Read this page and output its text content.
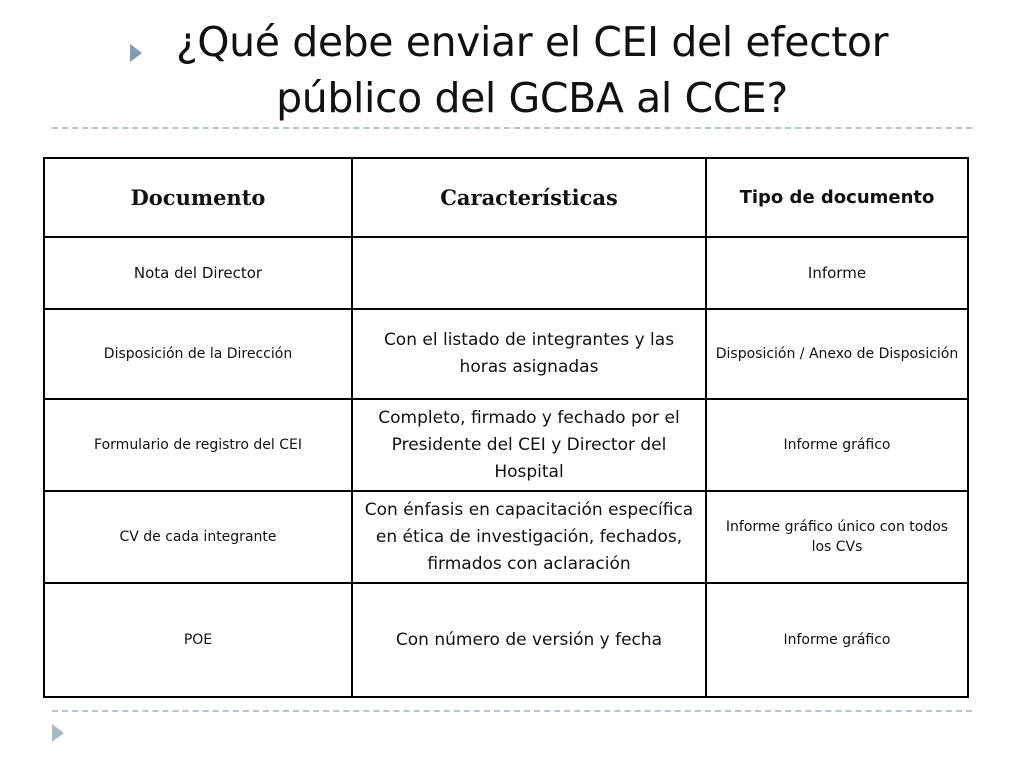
¿Qué debe enviar el CEI del efector público del GCBA al CCE?
Documento	Características	Tipo de documento
Nota del Director		Informe
Disposición de la Dirección	Con el listado de integrantes y las horas asignadas	Disposición / Anexo de Disposición
Formulario de registro del CEI	Completo, firmado y fechado por el Presidente del CEI y Director del Hospital	Informe gráfico
CV de cada integrante	Con énfasis en capacitación específica en ética de investigación, fechados, firmados con aclaración	Informe gráfico único con todos los CVs
POE	Con número de versión y fecha	Informe gráfico
